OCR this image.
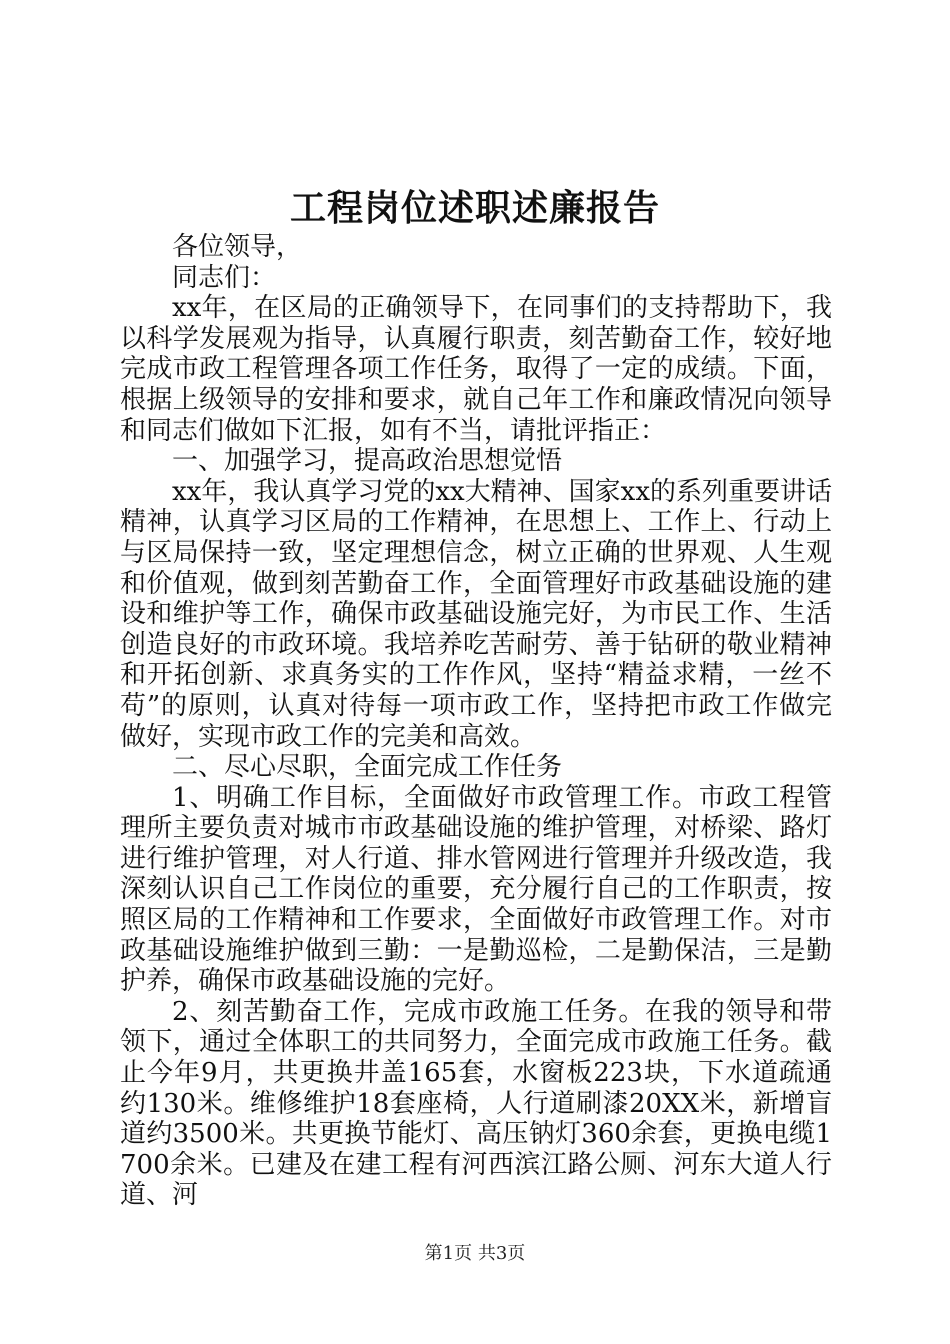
工程岗位述职述廉报告

各位领导，

同志们：

xx年，在区局的正确领导下，在同事们的支持帮助下，我以科学发展观为指导，认真履行职责，刻苦勤奋工作，较好地完成市政工程管理各项工作任务，取得了一定的成绩。下面，根据上级领导的安排和要求，就自己年工作和廉政情况向领导和同志们做如下汇报，如有不当，请批评指正：

一、加强学习，提高政治思想觉悟

xx年，我认真学习党的xx大精神、国家xx的系列重要讲话精神，认真学习区局的工作精神，在思想上、工作上、行动上与区局保持一致，坚定理想信念，树立正确的世界观、人生观和价值观，做到刻苦勤奋工作，全面管理好市政基础设施的建设和维护等工作，确保市政基础设施完好，为市民工作、生活创造良好的市政环境。我培养吃苦耐劳、善于钻研的敬业精神和开拓创新、求真务实的工作作风，坚持“精益求精，一丝不苟”的原则，认真对待每一项市政工作，坚持把市政工作做完做好，实现市政工作的完美和高效。

二、尽心尽职，全面完成工作任务

1、明确工作目标，全面做好市政管理工作。市政工程管理所主要负责对城市市政基础设施的维护管理，对桥梁、路灯进行维护管理，对人行道、排水管网进行管理并升级改造，我深刻认识自己工作岗位的重要，充分履行自己的工作职责，按照区局的工作精神和工作要求，全面做好市政管理工作。对市政基础设施维护做到三勤：一是勤巡检，二是勤保洁，三是勤护养，确保市政基础设施的完好。

2、刻苦勤奋工作，完成市政施工任务。在我的领导和带领下，通过全体职工的共同努力，全面完成市政施工任务。截止今年9月，共更换井盖165套，水窗板223块，下水道疏通约130米。维修维护18套座椅，人行道刷漆20XX米，新增盲道约3500米。共更换节能灯、高压钠灯360余套，更换电缆1700余米。已建及在建工程有河西滨江路公厕、河东大道人行道、河

第1页 共3页
